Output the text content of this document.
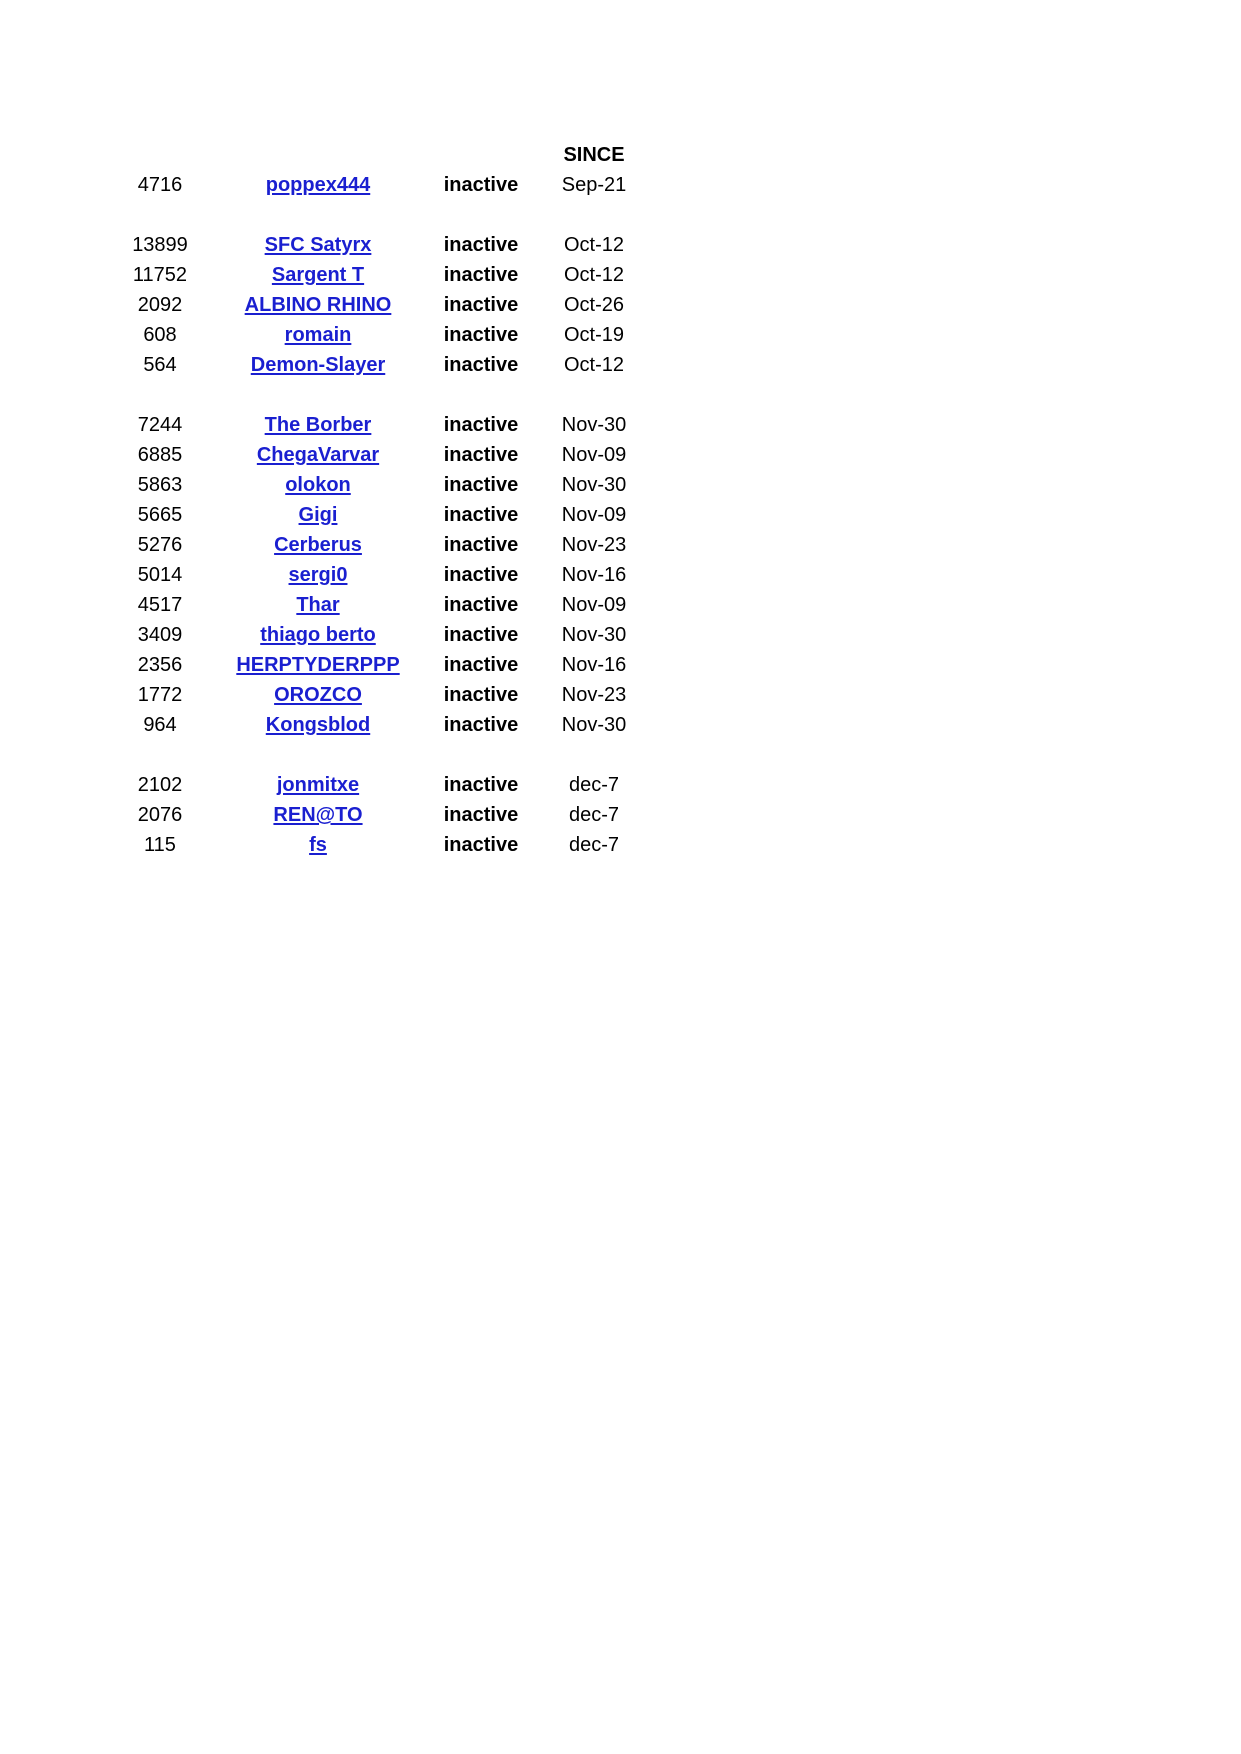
SINCE
4716	poppex444	inactive	Sep-21
13899	SFC Satyrx	inactive	Oct-12
11752	Sargent T	inactive	Oct-12
2092	ALBINO RHINO	inactive	Oct-26
608	romain	inactive	Oct-19
564	Demon-Slayer	inactive	Oct-12
7244	The Borber	inactive	Nov-30
6885	ChegaVarvar	inactive	Nov-09
5863	olokon	inactive	Nov-30
5665	Gigi	inactive	Nov-09
5276	Cerberus	inactive	Nov-23
5014	sergi0	inactive	Nov-16
4517	Thar	inactive	Nov-09
3409	thiago berto	inactive	Nov-30
2356	HERPTYDERPPP	inactive	Nov-16
1772	OROZCO	inactive	Nov-23
964	Kongsblod	inactive	Nov-30
2102	jonmitxe	inactive	dec-7
2076	REN@TO	inactive	dec-7
115	fs	inactive	dec-7
